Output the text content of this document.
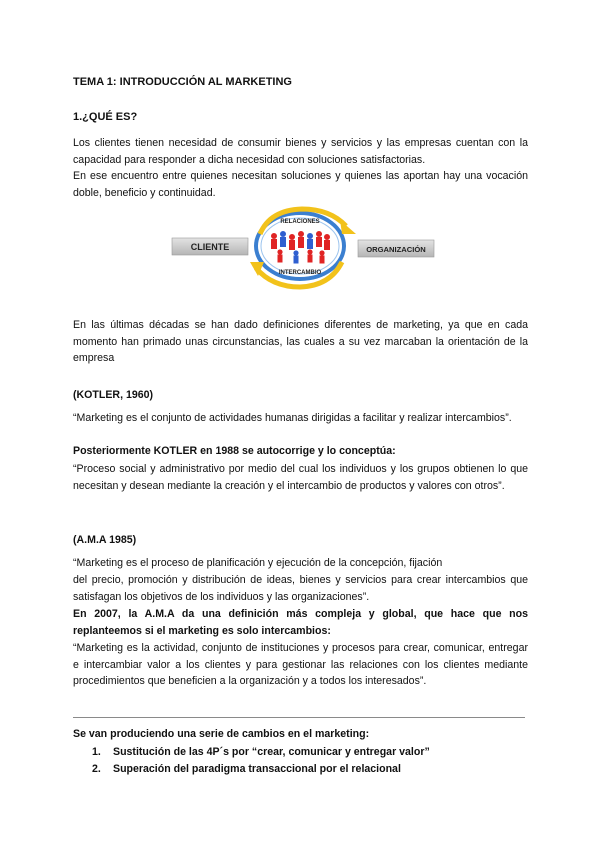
TEMA 1: INTRODUCCIÓN AL MARKETING

1.¿QUÉ ES?

Los clientes tienen necesidad de consumir bienes y servicios y las empresas cuentan con la capacidad para responder a dicha necesidad con soluciones satisfactorias.

En ese encuentro entre quienes necesitan soluciones y quienes las aportan hay una vocación doble, beneficio y continuidad.

CLIENTE	ORGANIZACIÓN
RELACIONES
INTERCAMBIO

En las últimas décadas se han dado definiciones diferentes de marketing, ya que en cada momento han primado unas circunstancias, las cuales a su vez marcaban la orientación de la empresa

(KOTLER, 1960)

“Marketing es el conjunto de actividades humanas dirigidas a facilitar y realizar intercambios”.

Posteriormente KOTLER en 1988 se autocorrige y lo conceptúa:

“Proceso social y administrativo por medio del cual los individuos y los grupos obtienen lo que necesitan y desean mediante la creación y el intercambio de productos y valores con otros”.

(A.M.A 1985)

“Marketing es el proceso de planificación y ejecución de la concepción, fijación

del precio, promoción y distribución de ideas, bienes y servicios para crear intercambios que satisfagan los objetivos de los individuos y las organizaciones”.

En 2007, la A.M.A da una definición más compleja y global, que hace que nos replanteemos si el marketing es solo intercambios:

“Marketing es la actividad, conjunto de instituciones y procesos para crear, comunicar, entregar e intercambiar valor a los clientes y para gestionar las relaciones con los clientes mediante procedimientos que beneficien a la organización y a todos los interesados”.

Se van produciendo una serie de cambios en el marketing:
1. Sustitución de las 4P´s por “crear, comunicar y entregar valor”
2. Superación del paradigma transaccional por el relacional
